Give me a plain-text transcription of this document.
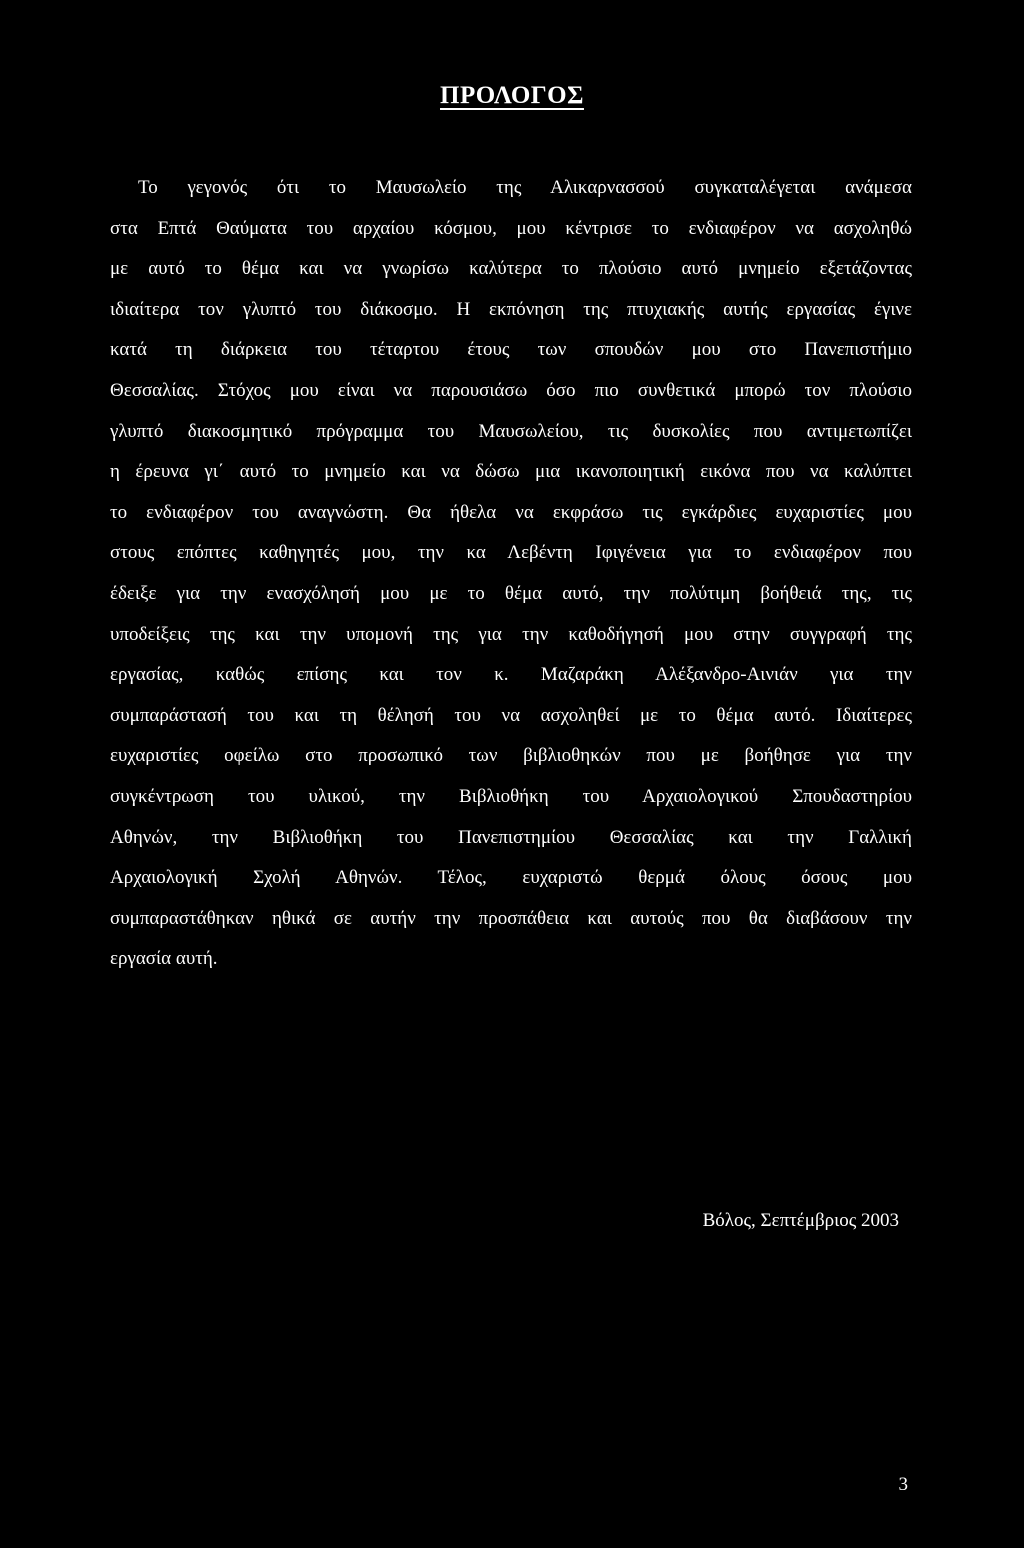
ΠΡΟΛΟΓΟΣ
Το γεγονός ότι το Μαυσωλείο της Αλικαρνασσού συγκαταλέγεται ανάμεσα
στα Επτά Θαύματα του αρχαίου κόσμου, μου κέντρισε το ενδιαφέρον να ασχοληθώ
με αυτό το θέμα και να γνωρίσω καλύτερα το πλούσιο αυτό μνημείο εξετάζοντας
ιδιαίτερα τον γλυπτό του διάκοσμο. Η εκπόνηση της πτυχιακής αυτής εργασίας έγινε
κατά τη διάρκεια του τέταρτου έτους των σπουδών μου στο Πανεπιστήμιο
Θεσσαλίας. Στόχος μου είναι να παρουσιάσω όσο πιο συνθετικά μπορώ τον πλούσιο
γλυπτό διακοσμητικό πρόγραμμα του Μαυσωλείου, τις δυσκολίες που αντιμετωπίζει
η έρευνα γι΄ αυτό το μνημείο και να δώσω μια ικανοποιητική εικόνα που να καλύπτει
το ενδιαφέρον του αναγνώστη. Θα ήθελα να εκφράσω τις εγκάρδιες ευχαριστίες μου
στους επόπτες καθηγητές μου, την κα Λεβέντη Ιφιγένεια για το ενδιαφέρον που
έδειξε για την ενασχόλησή μου με το θέμα αυτό, την πολύτιμη βοήθειά της, τις
υποδείξεις της και την υπομονή της για την καθοδήγησή μου στην συγγραφή της
εργασίας, καθώς επίσης και τον κ. Μαζαράκη Αλέξανδρο-Αινιάν για την
συμπαράστασή του και τη θέλησή του να ασχοληθεί με το θέμα αυτό. Ιδιαίτερες
ευχαριστίες οφείλω στο προσωπικό των βιβλιοθηκών που με βοήθησε για την
συγκέντρωση του υλικού, την Βιβλιοθήκη του Αρχαιολογικού Σπουδαστηρίου
Αθηνών, την Βιβλιοθήκη του Πανεπιστημίου Θεσσαλίας και την Γαλλική
Αρχαιολογική Σχολή Αθηνών. Τέλος, ευχαριστώ θερμά όλους όσους μου
συμπαραστάθηκαν ηθικά σε αυτήν την προσπάθεια και αυτούς που θα διαβάσουν την
εργασία αυτή.

Βόλος, Σεπτέμβριος 2003

3
